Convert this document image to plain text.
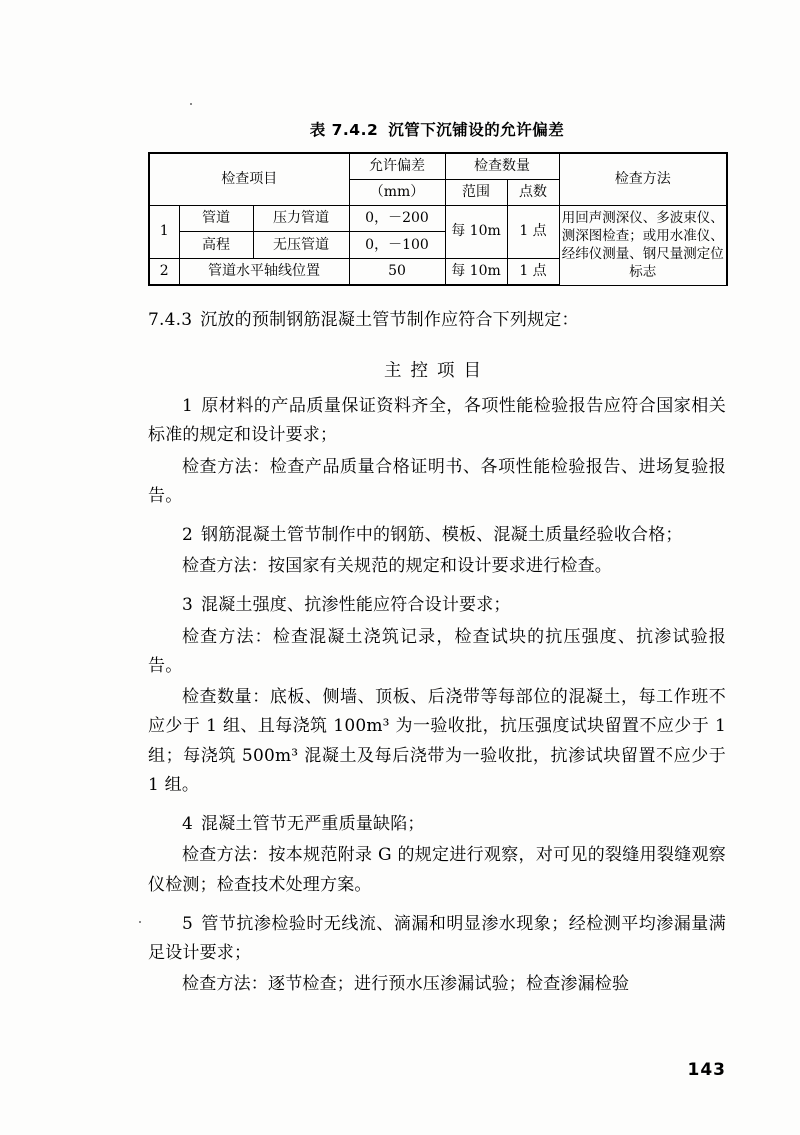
表 7.4.2 沉管下沉铺设的允许偏差
检查项目			允许偏差	检查数量		检查方法
			（mm）	范围	点数	
1	管道	压力管道	0，－200	每 10m	1 点	用回声测深仪、多波束仪、测深图检查；或用水准仪、经纬仪测量、钢尺量测定位标志
	高程	无压管道	0，－100			
2	管道水平轴线位置		50	每 10m	1 点	
7.4.3 沉放的预制钢筋混凝土管节制作应符合下列规定：
主控项目
1 原材料的产品质量保证资料齐全，各项性能检验报告应符合国家相关标准的规定和设计要求；
检查方法：检查产品质量合格证明书、各项性能检验报告、进场复验报告。
2 钢筋混凝土管节制作中的钢筋、模板、混凝土质量经验收合格；
检查方法：按国家有关规范的规定和设计要求进行检查。
3 混凝土强度、抗渗性能应符合设计要求；
检查方法：检查混凝土浇筑记录，检查试块的抗压强度、抗渗试验报告。
检查数量：底板、侧墙、顶板、后浇带等每部位的混凝土，每工作班不应少于 1 组、且每浇筑 100m³ 为一验收批，抗压强度试块留置不应少于 1 组；每浇筑 500m³ 混凝土及每后浇带为一验收批，抗渗试块留置不应少于 1 组。
4 混凝土管节无严重质量缺陷；
检查方法：按本规范附录 G 的规定进行观察，对可见的裂缝用裂缝观察仪检测；检查技术处理方案。
5 管节抗渗检验时无线流、滴漏和明显渗水现象；经检测平均渗漏量满足设计要求；
检查方法：逐节检查；进行预水压渗漏试验；检查渗漏检验
143
